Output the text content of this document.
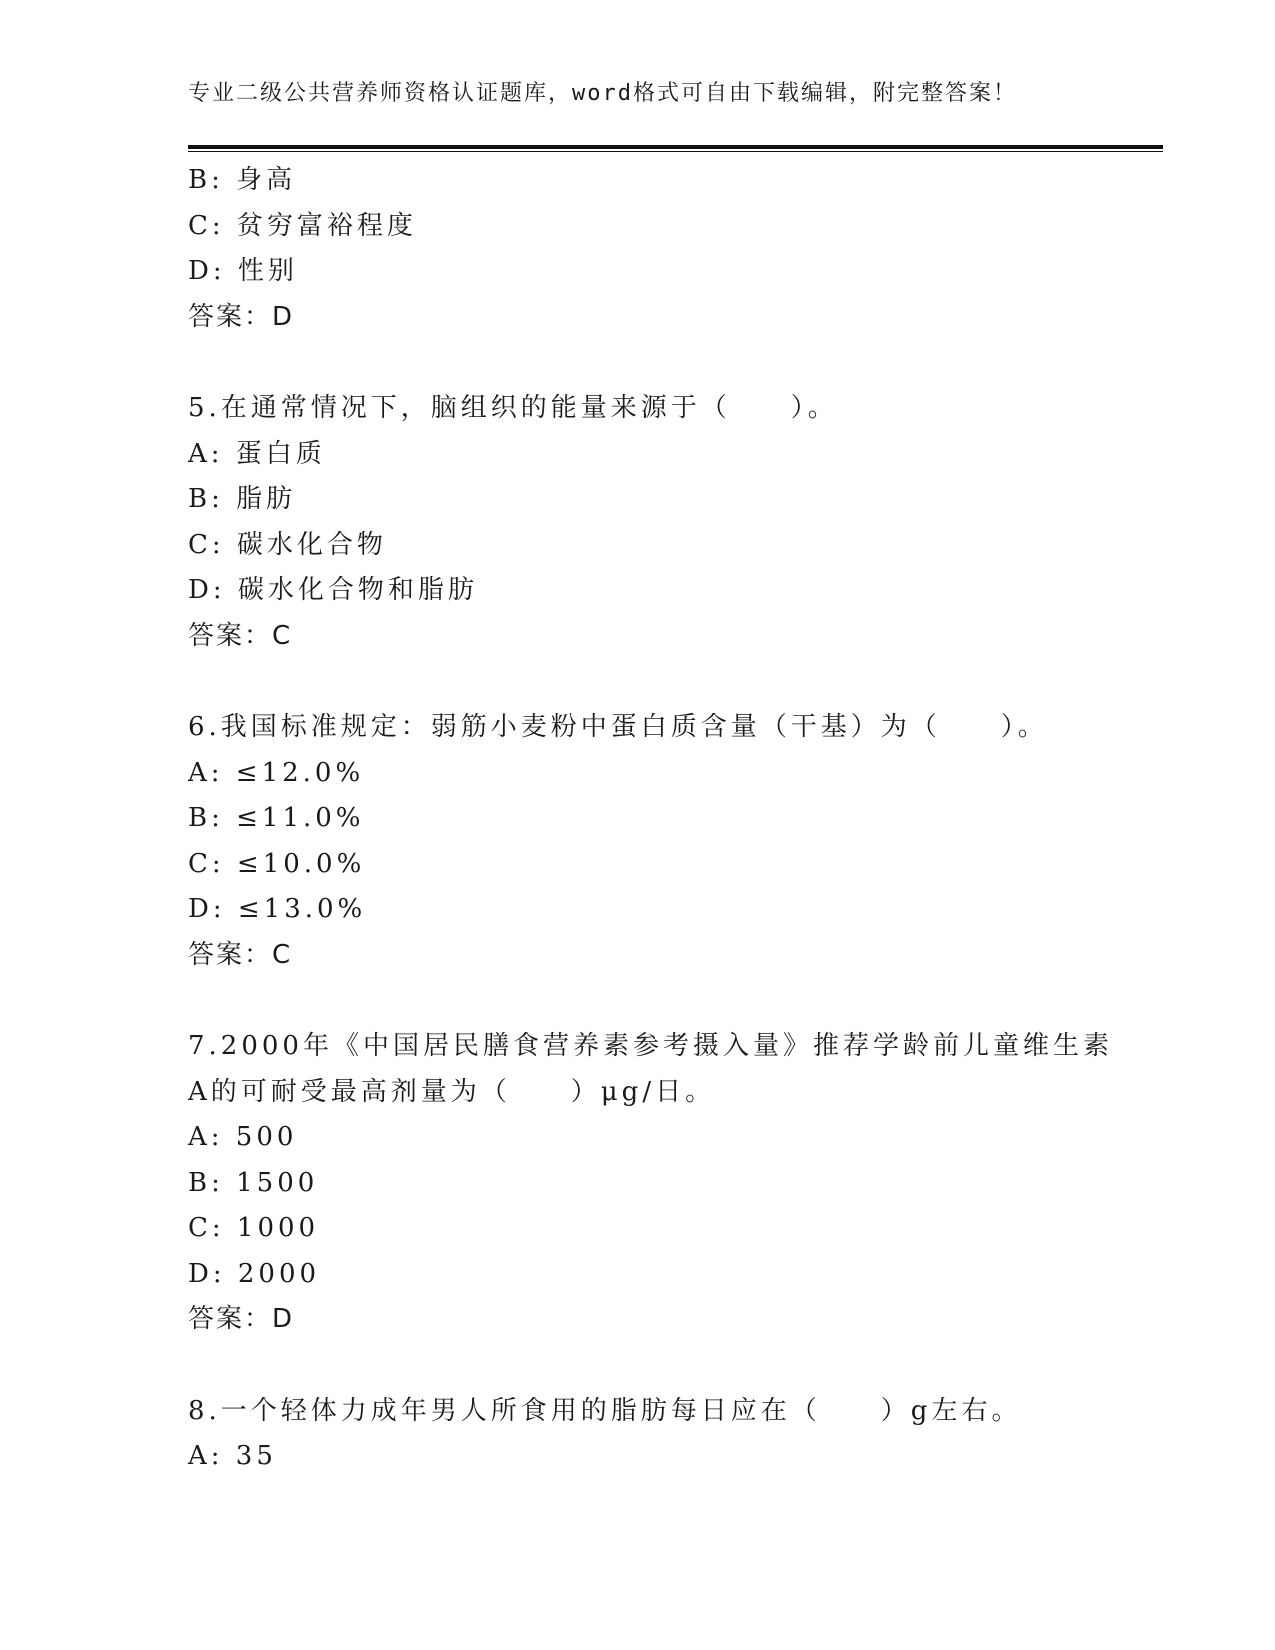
专业二级公共营养师资格认证题库，word格式可自由下载编辑，附完整答案！
B: 身高
C: 贫穷富裕程度
D: 性别
答案：D
5.在通常情况下，脑组织的能量来源于（　　）。
A: 蛋白质
B: 脂肪
C: 碳水化合物
D: 碳水化合物和脂肪
答案：C
6.我国标准规定：弱筋小麦粉中蛋白质含量（干基）为（　　）。
A: ≤12.0%
B: ≤11.0%
C: ≤10.0%
D: ≤13.0%
答案：C
7.2000年《中国居民膳食营养素参考摄入量》推荐学龄前儿童维生素
A的可耐受最高剂量为（　　）μg/日。
A: 500
B: 1500
C: 1000
D: 2000
答案：D
8.一个轻体力成年男人所食用的脂肪每日应在（　　）g左右。
A: 35
